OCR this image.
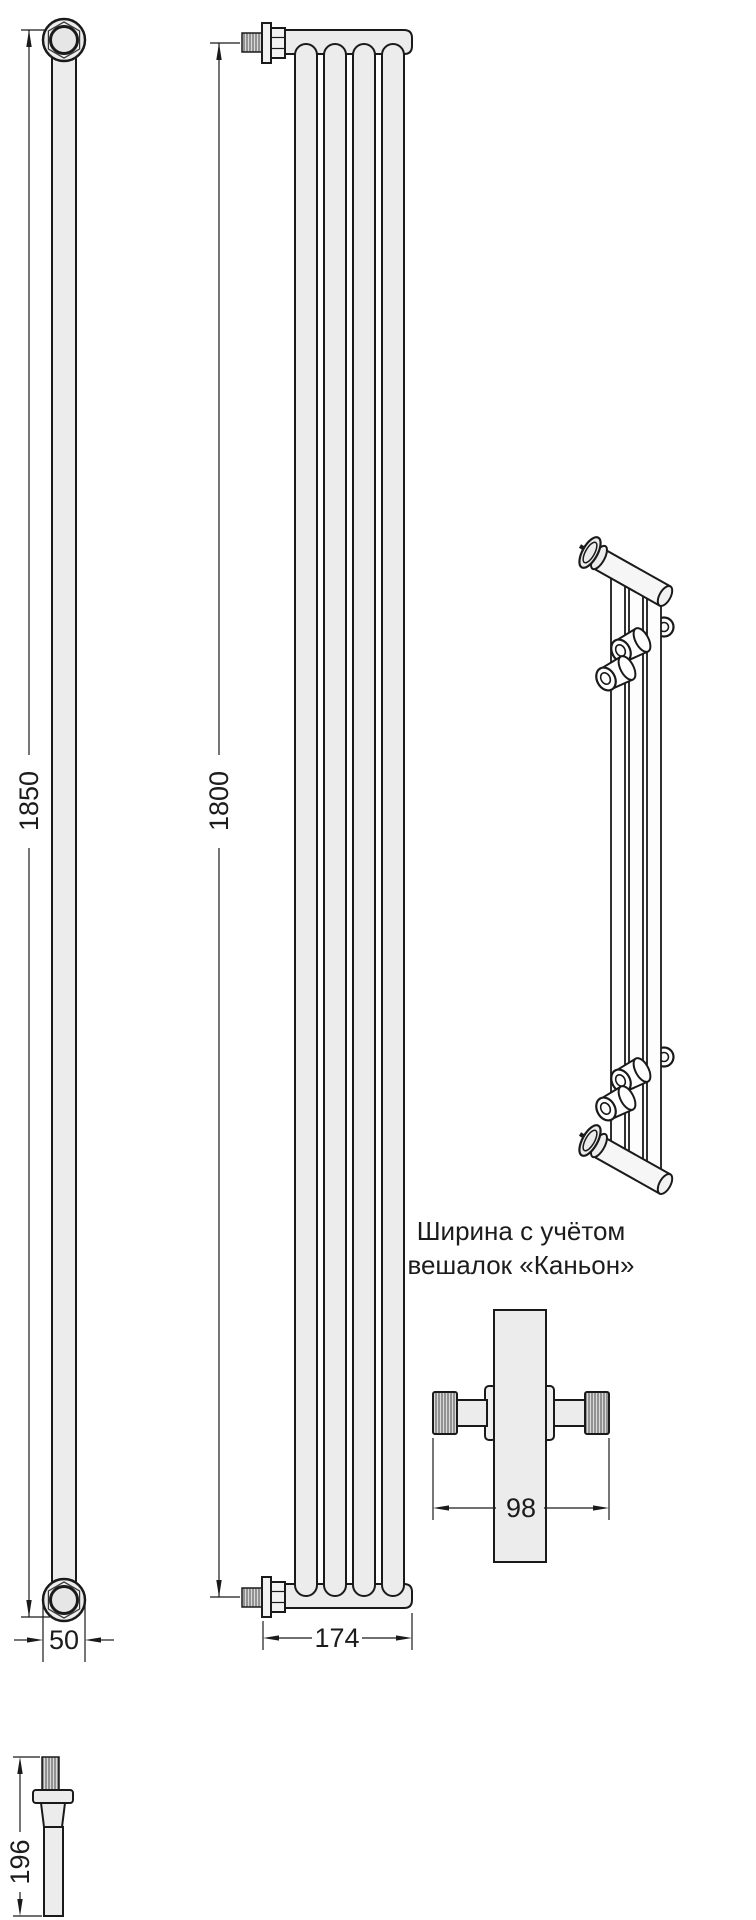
1850
50
1800
174
Ширина с учётом
вешалок «Каньон»
98
196
